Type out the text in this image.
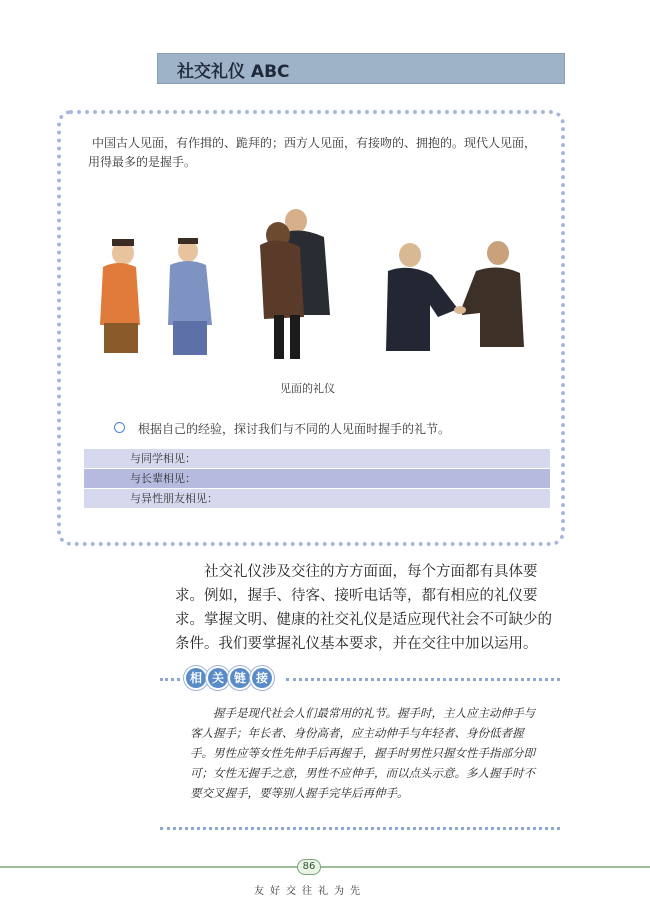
社交礼仪 ABC
中国古人见面，有作揖的、跪拜的；西方人见面，有接吻的、拥抱的。现代人见面，用得最多的是握手。
见面的礼仪
根据自己的经验，探讨我们与不同的人见面时握手的礼节。
与同学相见：
与长辈相见：
与异性朋友相见：

社交礼仪涉及交往的方方面面，每个方面都有具体要求。例如，握手、待客、接听电话等，都有相应的礼仪要求。掌握文明、健康的社交礼仪是适应现代社会不可缺少的条件。我们要掌握礼仪基本要求，并在交往中加以运用。

相 关 链 接

握手是现代社会人们最常用的礼节。握手时，主人应主动伸手与客人握手；年长者、身份高者，应主动伸手与年轻者、身份低者握手。男性应等女性先伸手后再握手，握手时男性只握女性手指部分即可；女性无握手之意，男性不应伸手，而以点头示意。多人握手时不要交叉握手，要等别人握手完毕后再伸手。

86
友好交往礼为先
